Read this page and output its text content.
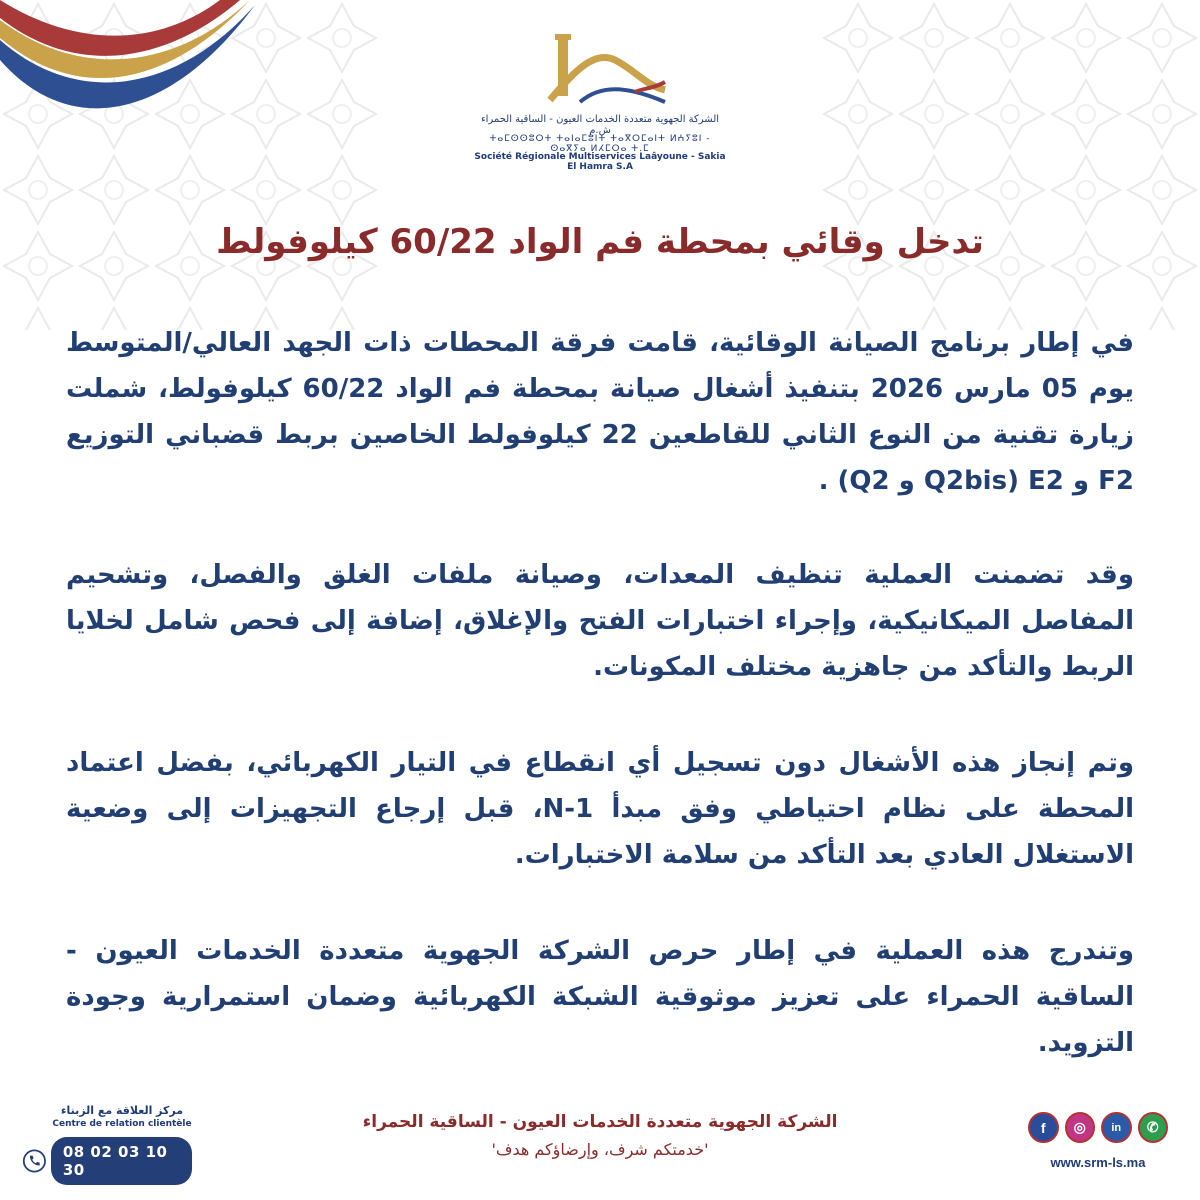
الشركة الجهوية متعددة الخدمات العيون - الساقية الحمراء ش.م
ⵜⴰⵎⵙⵙⵓⵔⵜ ⵜⴰⵏⴰⵎⵓⵏⵜ ⵜⴰⴳⵔⵎⴰⵏⵜ ⵍⵄⵢⵓⵏ - ⵙⴰⴳⵢⴰ ⵍⵃⵎⵔⴰ ⵜ.ⵎ
Société Régionale Multiservices Laâyoune - Sakia El Hamra S.A
تدخل وقائي بمحطة فم الواد 60/22 كيلوفولط

في إطار برنامج الصيانة الوقائية، قامت فرقة المحطات ذات الجهد العالي/المتوسط يوم 05 مارس 2026 بتنفيذ أشغال صيانة بمحطة فم الواد 60/22 كيلوفولط، شملت زيارة تقنية من النوع الثاني للقاطعين 22 كيلوفولط الخاصين بربط قضباني التوزيع F2 و E2 (Q2bis و Q2) .

وقد تضمنت العملية تنظيف المعدات، وصيانة ملفات الغلق والفصل، وتشحيم المفاصل الميكانيكية، وإجراء اختبارات الفتح والإغلاق، إضافة إلى فحص شامل لخلايا الربط والتأكد من جاهزية مختلف المكونات.

وتم إنجاز هذه الأشغال دون تسجيل أي انقطاع في التيار الكهربائي، بفضل اعتماد المحطة على نظام احتياطي وفق مبدأ N-1، قبل إرجاع التجهيزات إلى وضعية الاستغلال العادي بعد التأكد من سلامة الاختبارات.

وتندرج هذه العملية في إطار حرص الشركة الجهوية متعددة الخدمات العيون - الساقية الحمراء على تعزيز موثوقية الشبكة الكهربائية وضمان استمرارية وجودة التزويد.

مركز العلاقة مع الزبناء
Centre de relation clientèle
08 02 03 10 30
الشركة الجهوية متعددة الخدمات العيون - الساقية الحمراء
'خدمتكم شرف، وإرضاؤكم هدف'
f	◎	in	✆
www.srm-ls.ma
